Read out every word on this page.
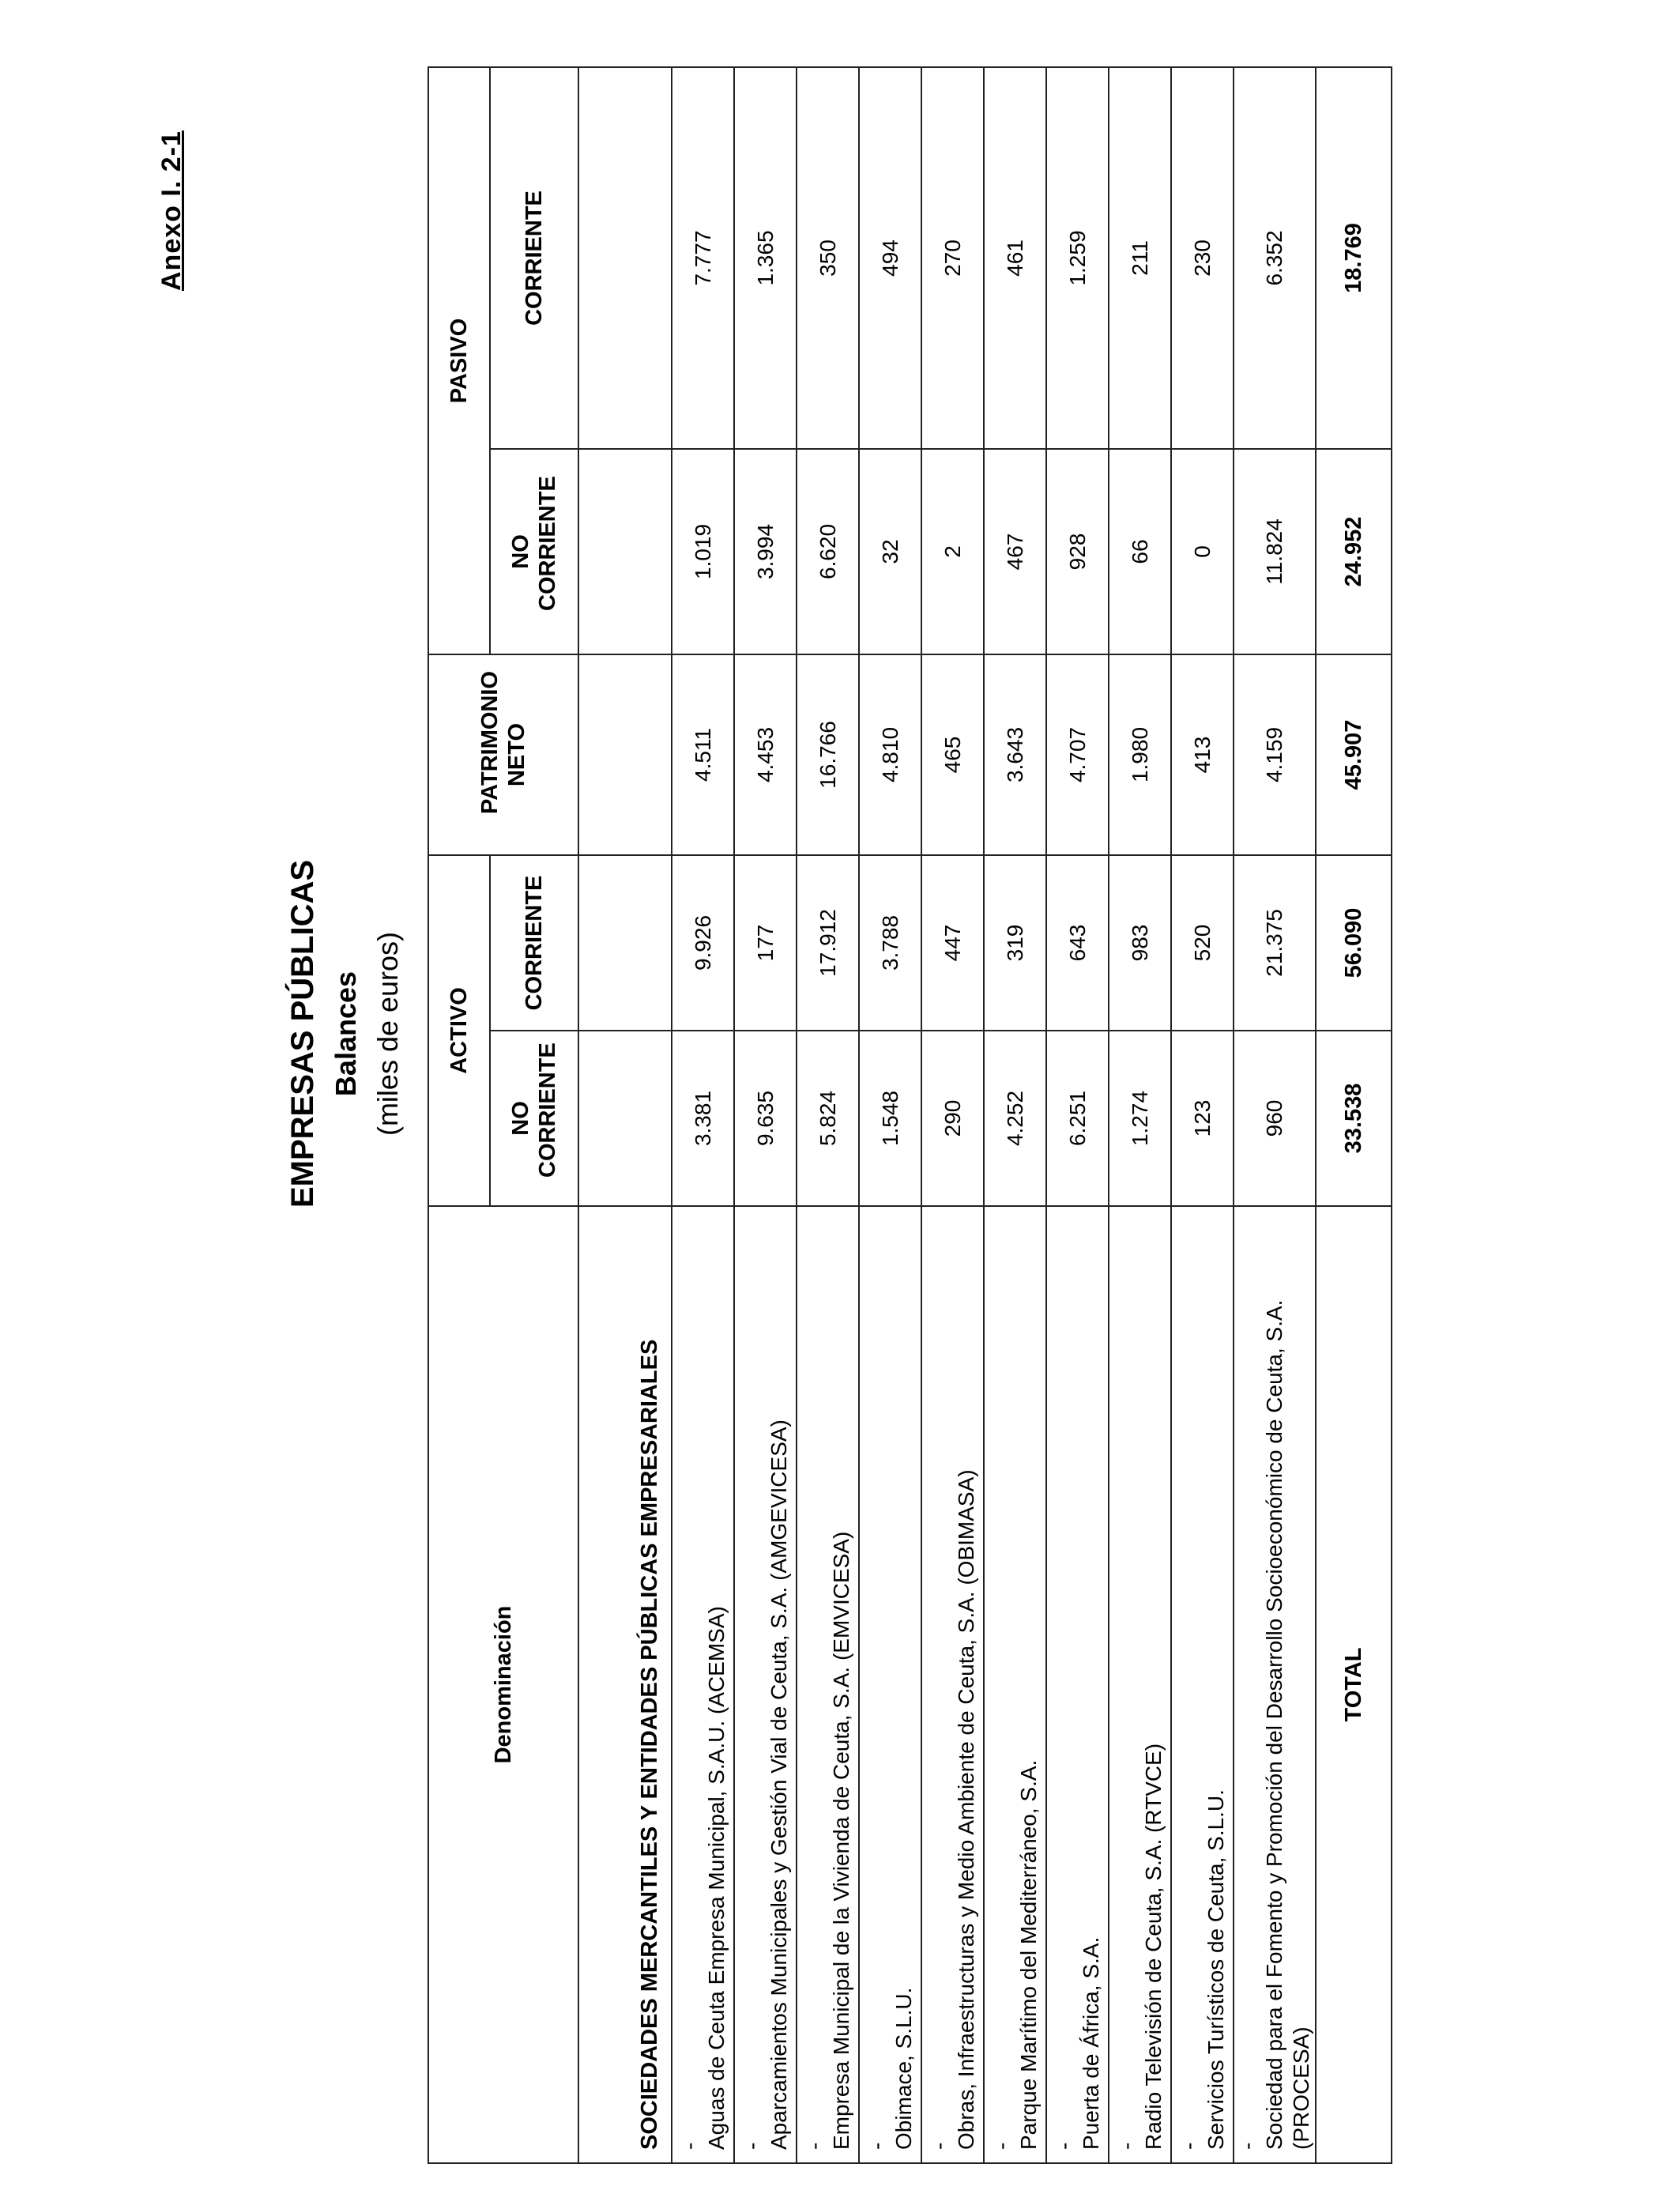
Anexo I. 2-1
EMPRESAS PÚBLICAS Balances (miles de euros)
Denominación	ACTIVO		PATRIMONIO NETO	PASIVO	

	NO CORRIENTE	CORRIENTE		NO CORRIENTE	CORRIENTE
SOCIEDADES MERCANTILES Y ENTIDADES PÚBLICAS EMPRESARIALES					
- Aguas de Ceuta Empresa Municipal, S.A.U. (ACEMSA)	3.381	9.926	4.511	1.019	7.777
- Aparcamientos Municipales y Gestión Vial de Ceuta, S.A. (AMGEVICESA)	9.635	177	4.453	3.994	1.365
- Empresa Municipal de la Vivienda de Ceuta, S.A. (EMVICESA)	5.824	17.912	16.766	6.620	350
- Obimace, S.L.U.	1.548	3.788	4.810	32	494
- Obras, Infraestructuras y Medio Ambiente de Ceuta, S.A. (OBIMASA)	290	447	465	2	270
- Parque Marítimo del Mediterráneo, S.A.	4.252	319	3.643	467	461
- Puerta de África, S.A.	6.251	643	4.707	928	1.259
- Radio Televisión de Ceuta, S.A. (RTVCE)	1.274	983	1.980	66	211
- Servicios Turísticos de Ceuta, S.L.U.	123	520	413	0	230
- Sociedad para el Fomento y Promoción del Desarrollo Socioeconómico de Ceuta, S.A. (PROCESA)	960	21.375	4.159	11.824	6.352
TOTAL	33.538	56.090	45.907	24.952	18.769
